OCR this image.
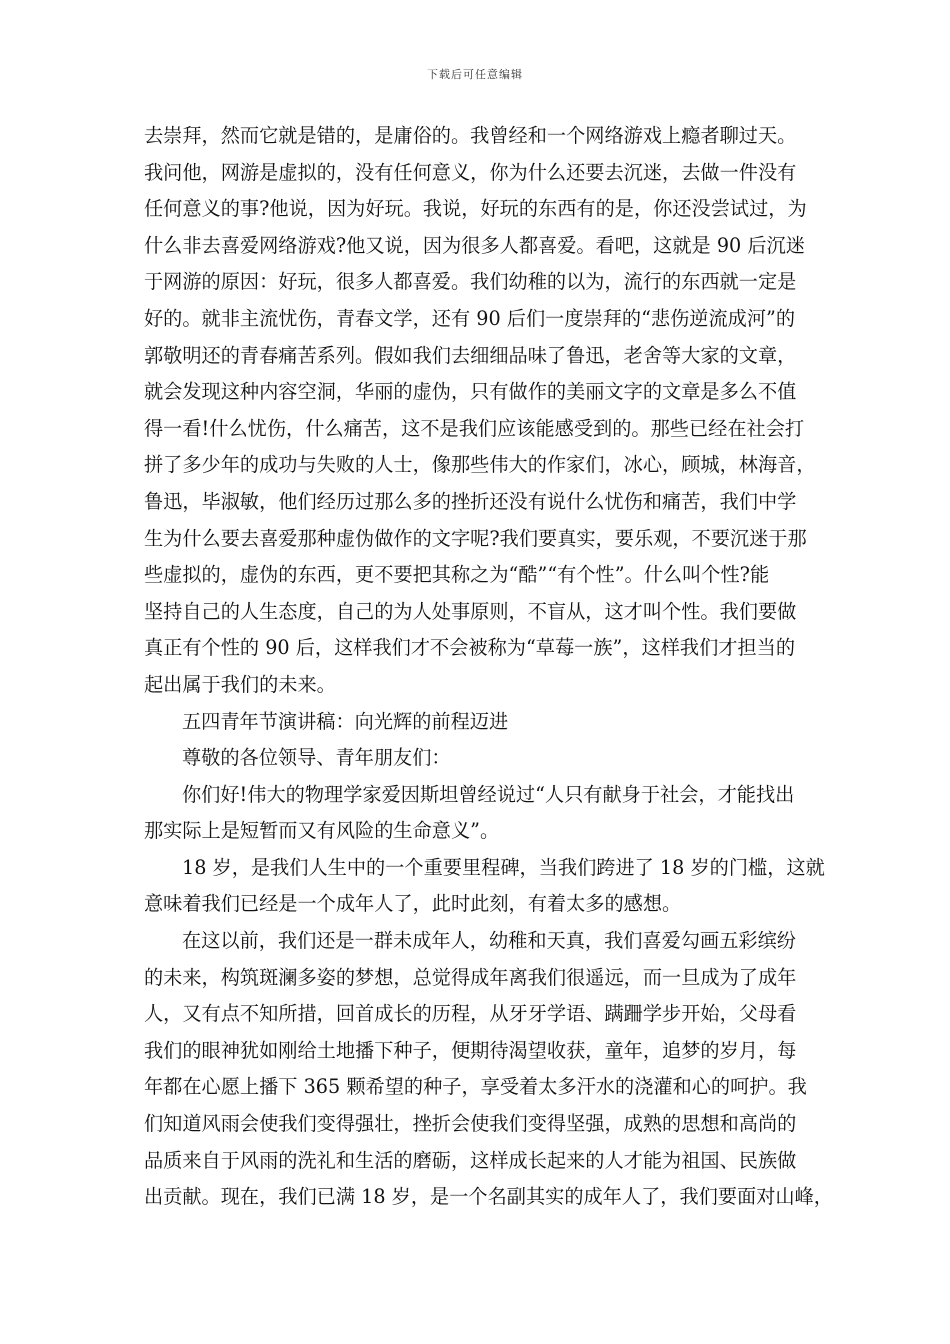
下载后可任意编辑
去崇拜，然而它就是错的，是庸俗的。我曾经和一个网络游戏上瘾者聊过天。
我问他，网游是虚拟的，没有任何意义，你为什么还要去沉迷，去做一件没有
任何意义的事?他说，因为好玩。我说，好玩的东西有的是，你还没尝试过，为
什么非去喜爱网络游戏?他又说，因为很多人都喜爱。看吧，这就是 90 后沉迷
于网游的原因：好玩，很多人都喜爱。我们幼稚的以为，流行的东西就一定是
好的。就非主流忧伤，青春文学，还有 90 后们一度崇拜的“悲伤逆流成河”的
郭敬明还的青春痛苦系列。假如我们去细细品味了鲁迅，老舍等大家的文章，
就会发现这种内容空洞，华丽的虚伪，只有做作的美丽文字的文章是多么不值
得一看!什么忧伤，什么痛苦，这不是我们应该能感受到的。那些已经在社会打
拼了多少年的成功与失败的人士，像那些伟大的作家们，冰心，顾城，林海音，
鲁迅，毕淑敏，他们经历过那么多的挫折还没有说什么忧伤和痛苦，我们中学
生为什么要去喜爱那种虚伪做作的文字呢?我们要真实，要乐观，不要沉迷于那
些虚拟的，虚伪的东西，更不要把其称之为“酷”“有个性”。什么叫个性?能
坚持自己的人生态度，自己的为人处事原则，不盲从，这才叫个性。我们要做
真正有个性的 90 后，这样我们才不会被称为“草莓一族”，这样我们才担当的
起出属于我们的未来。
五四青年节演讲稿：向光辉的前程迈进
尊敬的各位领导、青年朋友们：
你们好!伟大的物理学家爱因斯坦曾经说过“人只有献身于社会，才能找出
那实际上是短暂而又有风险的生命意义”。
18 岁，是我们人生中的一个重要里程碑，当我们跨进了 18 岁的门槛，这就
意味着我们已经是一个成年人了，此时此刻，有着太多的感想。
在这以前，我们还是一群未成年人，幼稚和天真，我们喜爱勾画五彩缤纷
的未来，构筑斑澜多姿的梦想，总觉得成年离我们很遥远，而一旦成为了成年
人，又有点不知所措，回首成长的历程，从牙牙学语、蹒跚学步开始，父母看
我们的眼神犹如刚给土地播下种子，便期待渴望收获，童年，追梦的岁月，每
年都在心愿上播下 365 颗希望的种子，享受着太多汗水的浇灌和心的呵护。我
们知道风雨会使我们变得强壮，挫折会使我们变得坚强，成熟的思想和高尚的
品质来自于风雨的洗礼和生活的磨砺，这样成长起来的人才能为祖国、民族做
出贡献。现在，我们已满 18 岁，是一个名副其实的成年人了，我们要面对山峰，
